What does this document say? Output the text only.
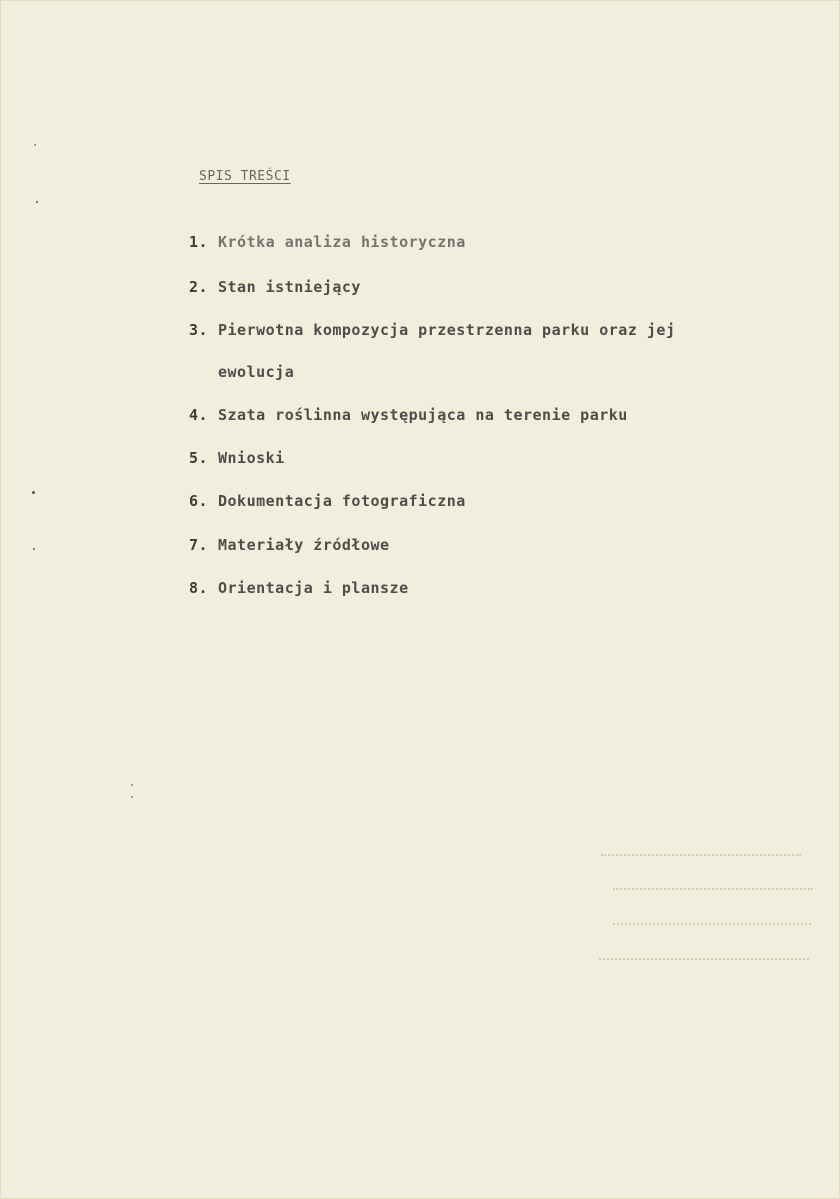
SPIS TREŚCI
1. Krótka analiza historyczna
2. Stan istniejący
3. Pierwotna kompozycja przestrzenna parku oraz jej
ewolucja
4. Szata roślinna występująca na terenie parku
5. Wnioski
6. Dokumentacja fotograficzna
7. Materiały źródłowe
8. Orientacja i plansze
